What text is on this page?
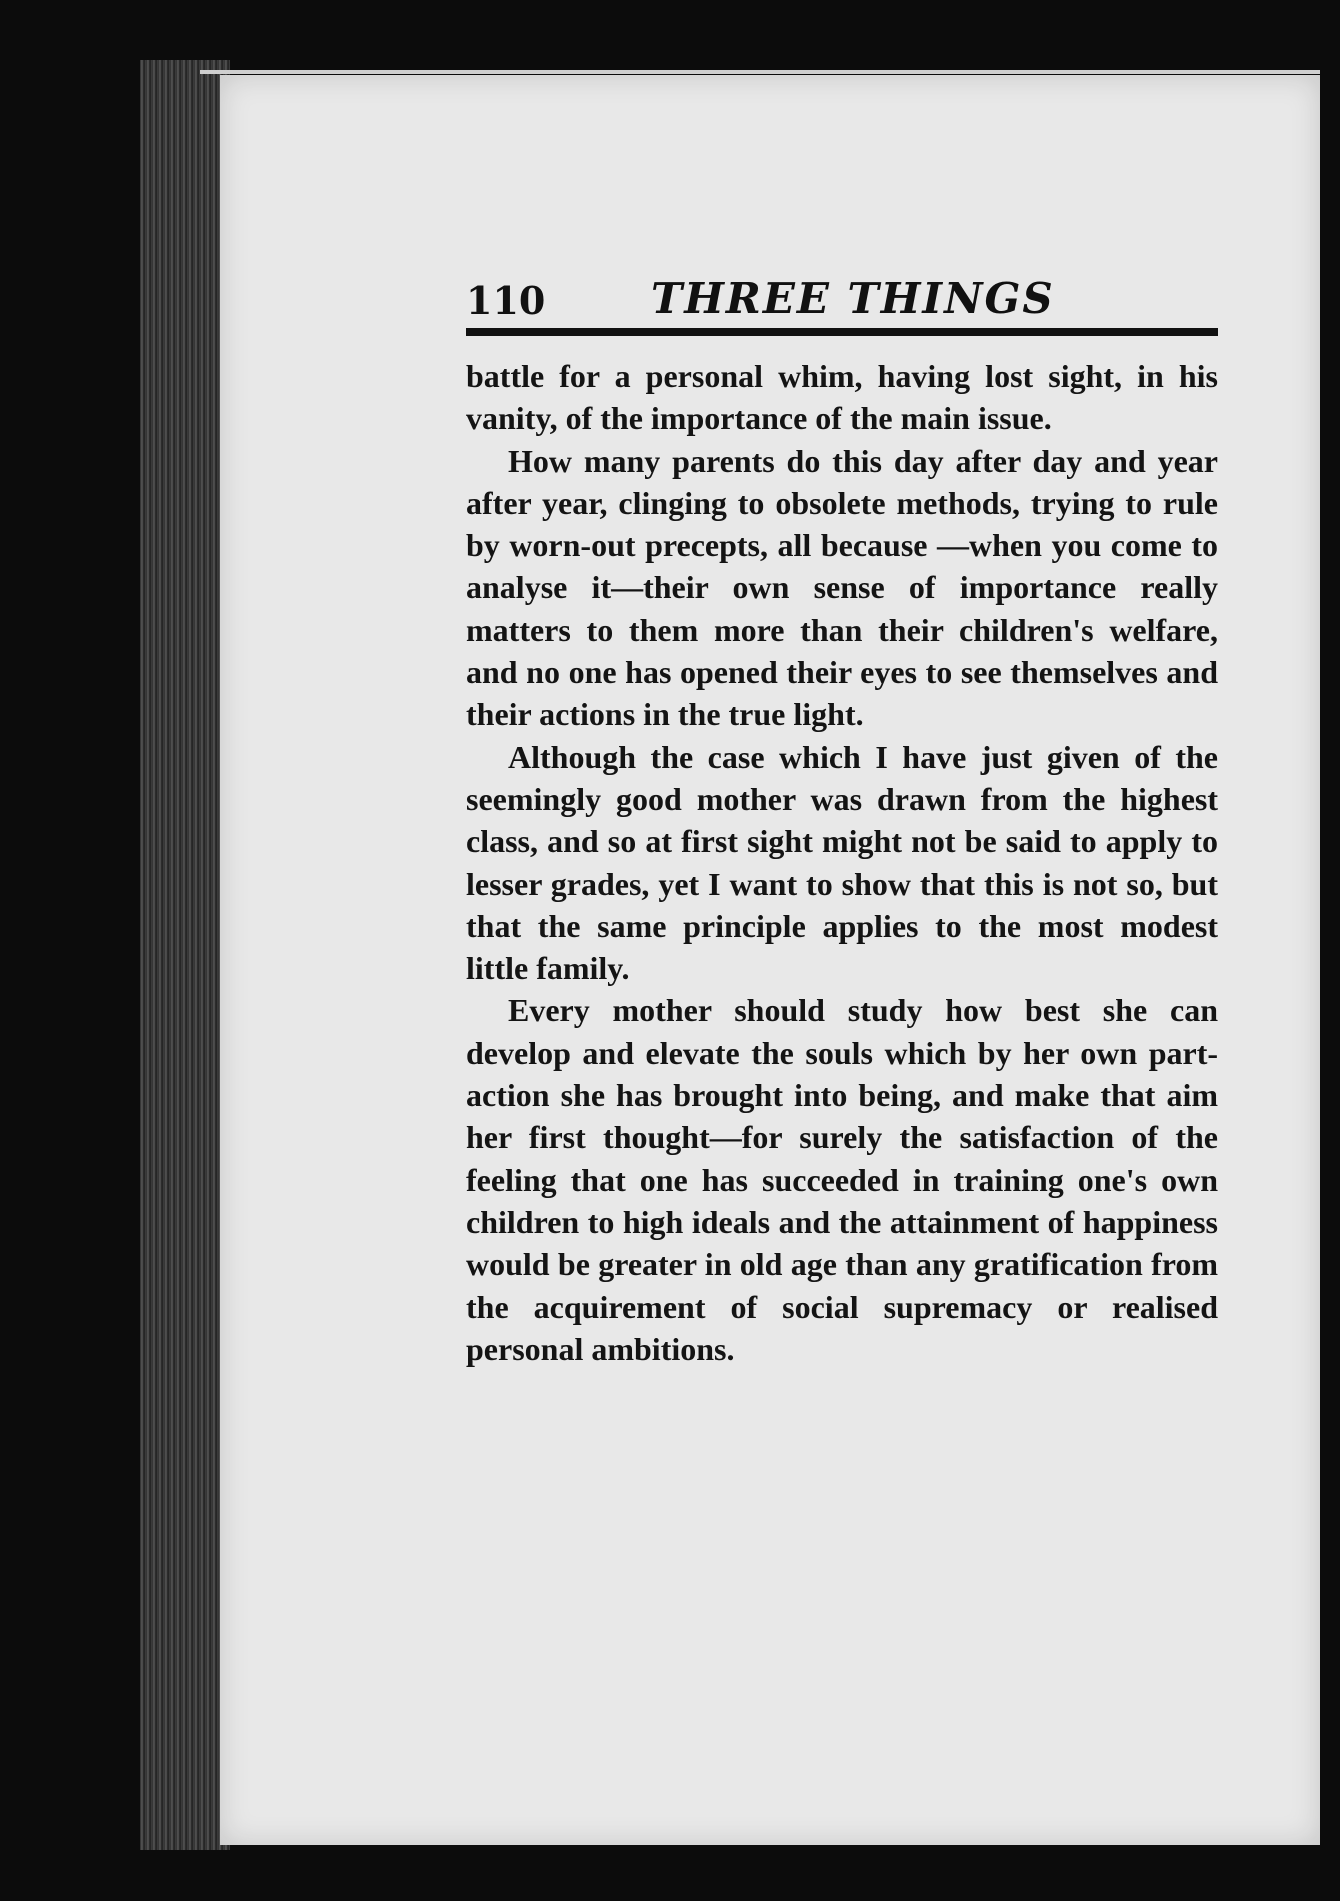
110	THREE THINGS

battle for a personal whim, having lost sight, in his vanity, of the importance of the main issue.

How many parents do this day after day and year after year, clinging to obsolete methods, trying to rule by worn-out precepts, all because —when you come to analyse it—their own sense of importance really matters to them more than their children's welfare, and no one has opened their eyes to see themselves and their actions in the true light.

Although the case which I have just given of the seemingly good mother was drawn from the highest class, and so at first sight might not be said to apply to lesser grades, yet I want to show that this is not so, but that the same principle applies to the most modest little family.

Every mother should study how best she can develop and elevate the souls which by her own part-action she has brought into being, and make that aim her first thought—for surely the satisfaction of the feeling that one has succeeded in training one's own children to high ideals and the attainment of happiness would be greater in old age than any gratification from the acquirement of social supremacy or realised personal ambitions.
